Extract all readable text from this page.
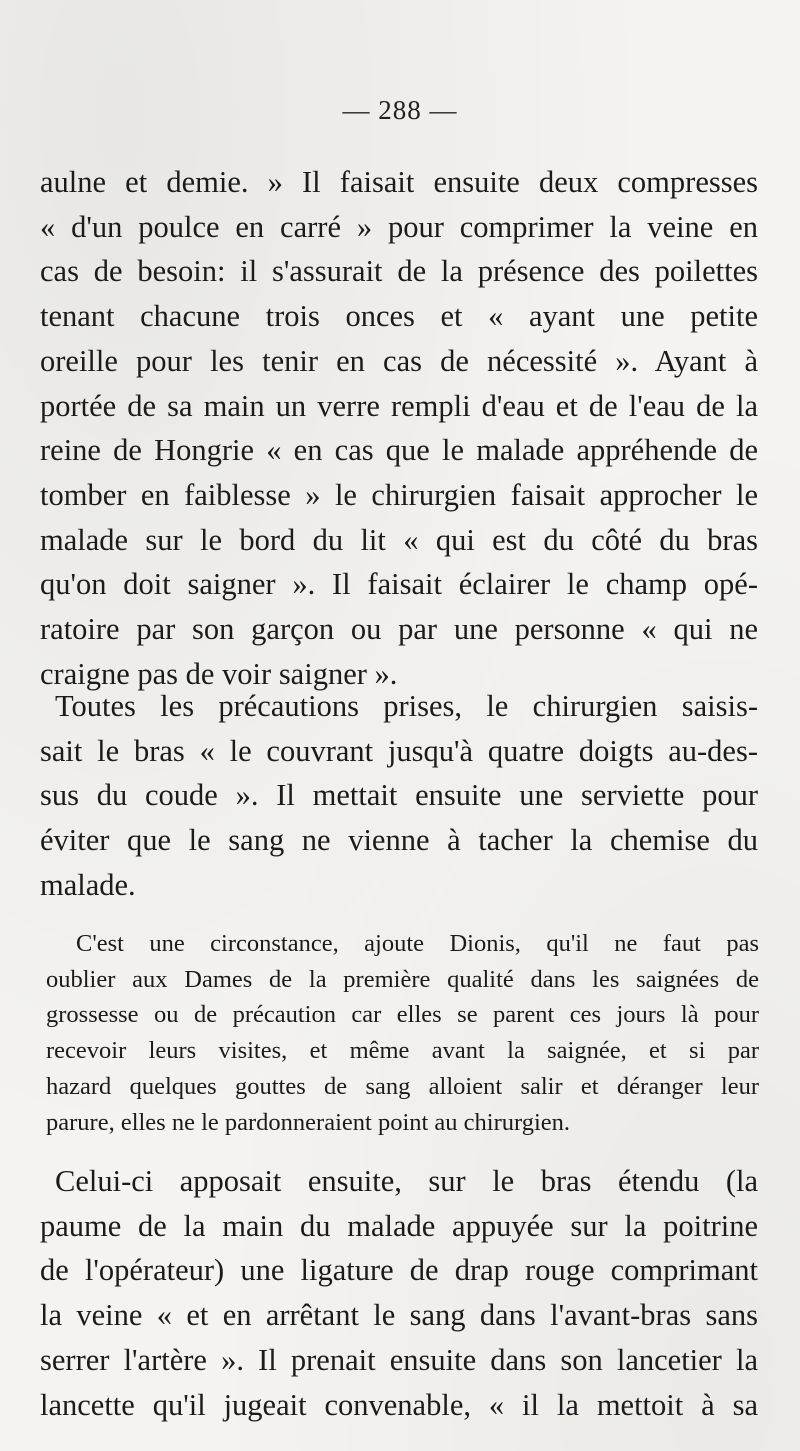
— 288 —
aulne et demie. » Il faisait ensuite deux compresses
« d'un poulce en carré » pour comprimer la veine en
cas de besoin: il s'assurait de la présence des poilettes
tenant chacune trois onces et « ayant une petite
oreille pour les tenir en cas de nécessité ». Ayant à
portée de sa main un verre rempli d'eau et de l'eau de la
reine de Hongrie « en cas que le malade appréhende de
tomber en faiblesse » le chirurgien faisait approcher le
malade sur le bord du lit « qui est du côté du bras
qu'on doit saigner ». Il faisait éclairer le champ opé-
ratoire par son garçon ou par une personne « qui ne
craigne pas de voir saigner ».
Toutes les précautions prises, le chirurgien saisis-
sait le bras « le couvrant jusqu'à quatre doigts au-des-
sus du coude ». Il mettait ensuite une serviette pour
éviter que le sang ne vienne à tacher la chemise du
malade.
C'est une circonstance, ajoute Dionis, qu'il ne faut pas
oublier aux Dames de la première qualité dans les saignées de
grossesse ou de précaution car elles se parent ces jours là pour
recevoir leurs visites, et même avant la saignée, et si par
hazard quelques gouttes de sang alloient salir et déranger leur
parure, elles ne le pardonneraient point au chirurgien.
Celui-ci apposait ensuite, sur le bras étendu (la
paume de la main du malade appuyée sur la poitrine
de l'opérateur) une ligature de drap rouge comprimant
la veine « et en arrêtant le sang dans l'avant-bras sans
serrer l'artère ». Il prenait ensuite dans son lancetier la
lancette qu'il jugeait convenable, « il la mettoit à sa
